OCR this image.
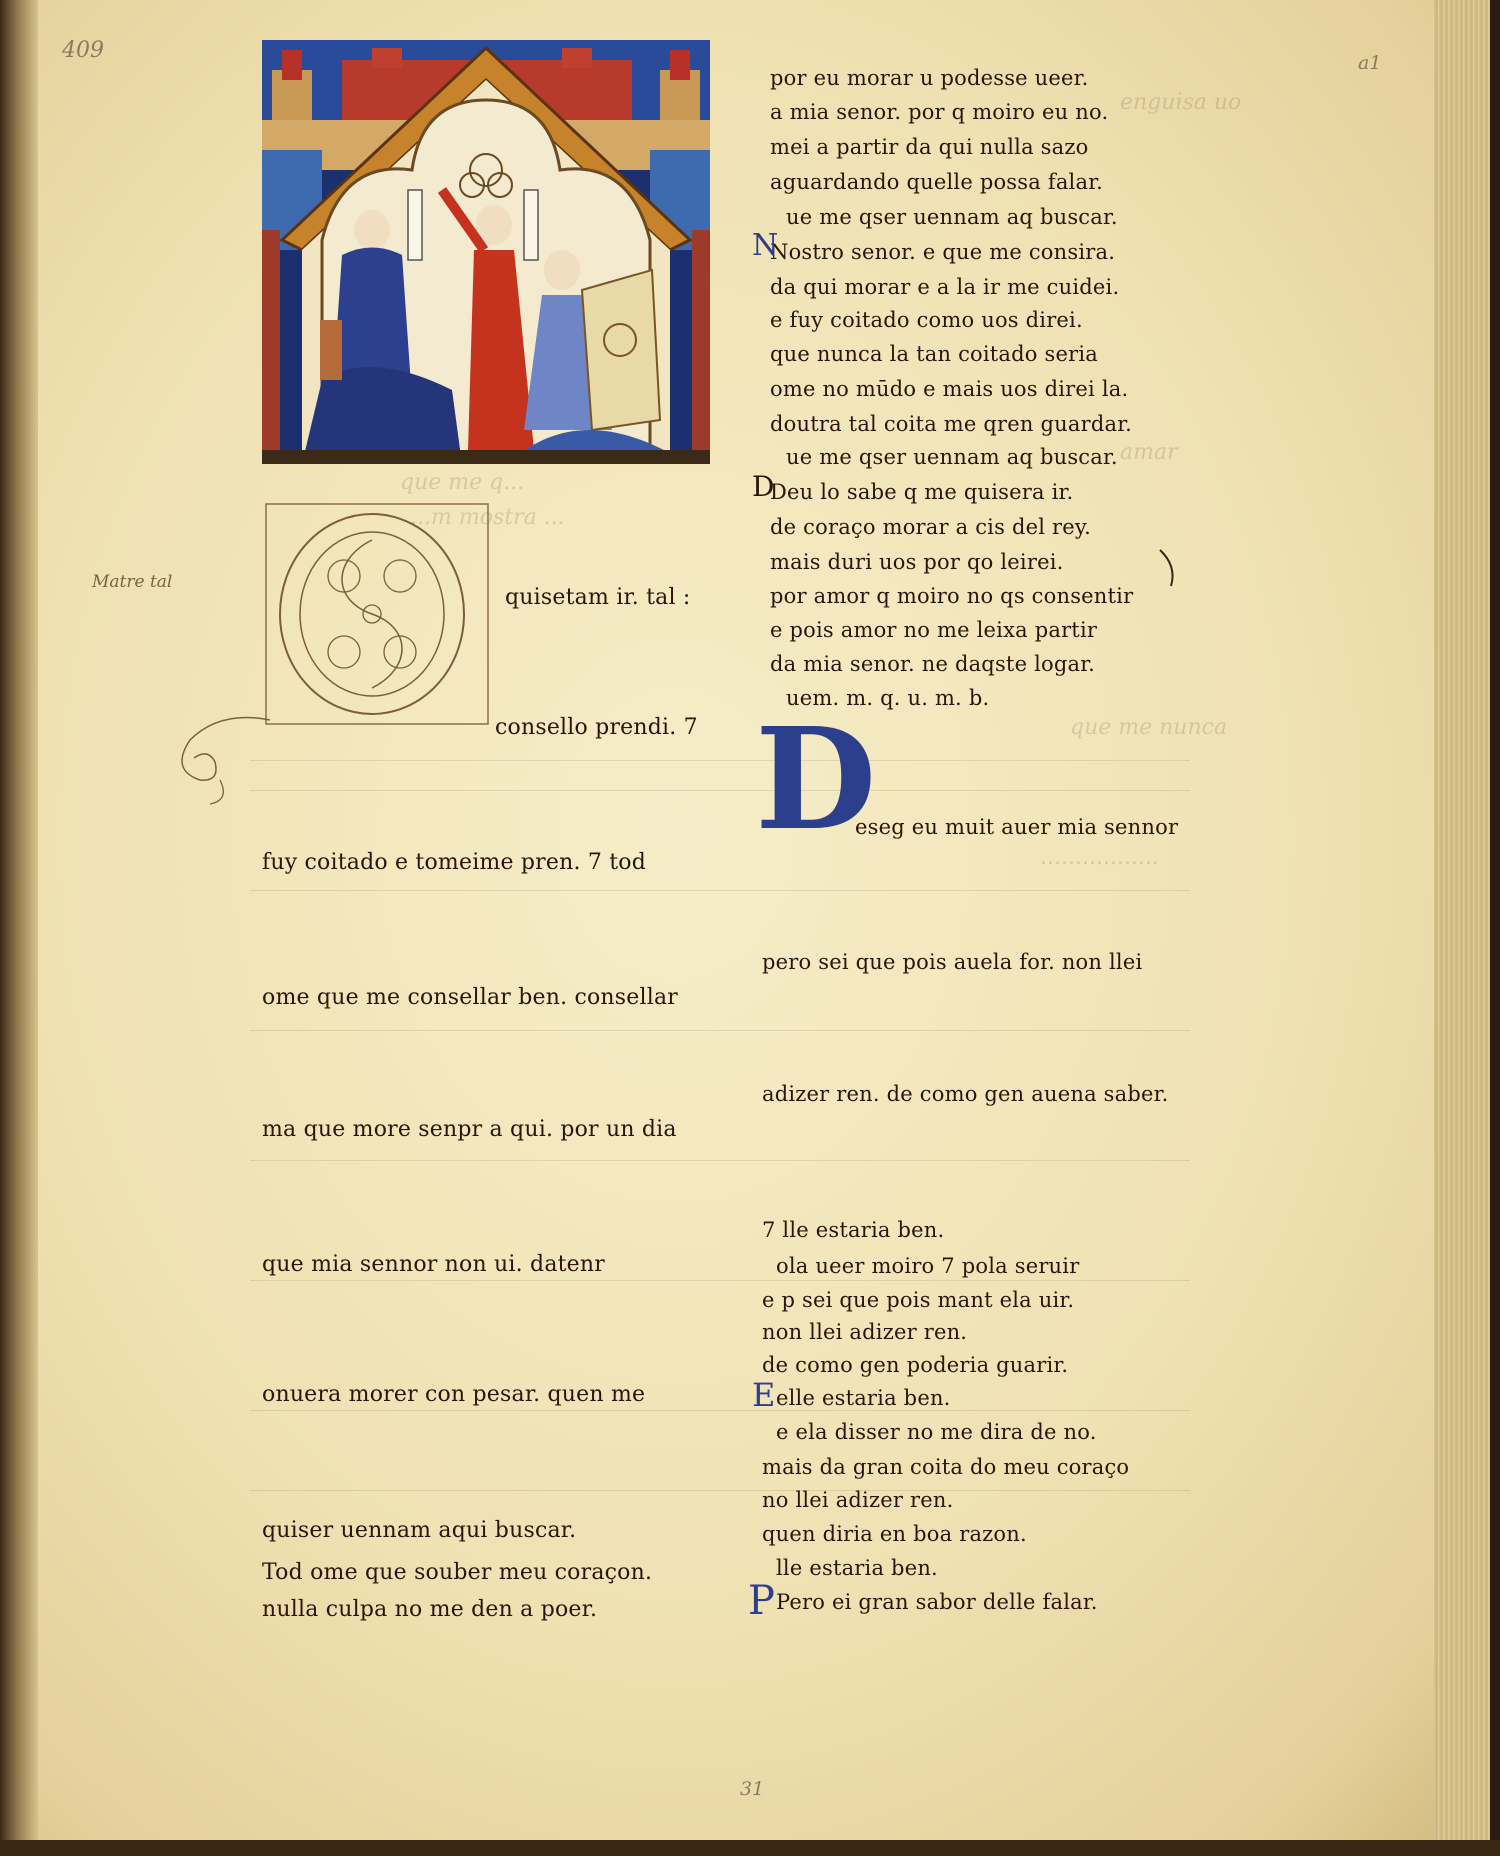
enguisa uo
amar
que me nunca
.................
que me q...
...m mostra ...
409	a1
31
Matre tal
quisetam ir. tal :
consello prendi. 7
fuy coitado e tomeime pren. 7 tod
ome que me consellar ben. consellar
ma que more senpr a qui. por un dia
que mia sennor non ui. datenr
onuera morer con pesar. quen me
quiser uennam aqui buscar.
Tod ome que souber meu coraçon.
nulla culpa no me den a poer.
por eu morar u podesse ueer.
a mia senor. por q moiro eu no.
mei a partir da qui nulla sazo
aguardando quelle possa falar.
ue me qser uennam aq buscar.
Nostro senor. e que me consira.
da qui morar e a la ir me cuidei.
e fuy coitado como uos direi.
que nunca la tan coitado seria
ome no mūdo e mais uos direi la.
doutra tal coita me qren guardar.
ue me qser uennam aq buscar.
Deu lo sabe q me quisera ir.
de coraço morar a cis del rey.
mais duri uos por qo leirei.
por amor q moiro no qs consentir
e pois amor no me leixa partir
da mia senor. ne daqste logar.
uem. m. q. u. m. b.
N
D
D
eseg eu muit auer mia sennor
pero sei que pois auela for. non llei
adizer ren. de como gen auena saber.
7 lle estaria ben.
ola ueer moiro 7 pola seruir
e p sei que pois mant ela uir.
non llei adizer ren.
de como gen poderia guarir.
elle estaria ben.
e ela disser no me dira de no.
mais da gran coita do meu coraço
no llei adizer ren.
quen diria en boa razon.
lle estaria ben.
Pero ei gran sabor delle falar.
E
P
